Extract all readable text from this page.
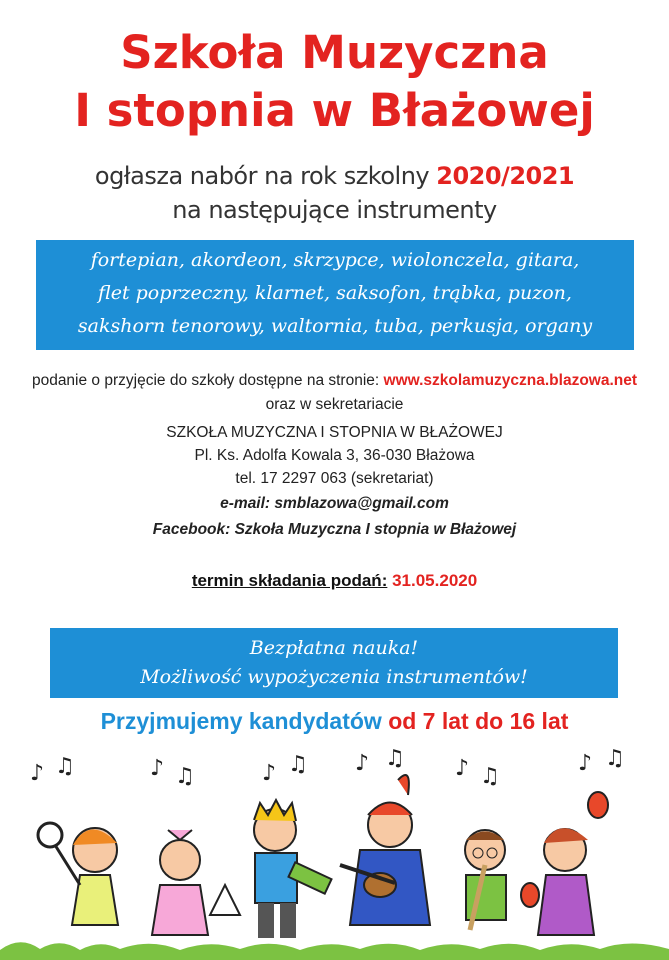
Szkoła Muzyczna
I stopnia w Błażowej
ogłasza nabór na rok szkolny 2020/2021
na następujące instrumenty
fortepian, akordeon, skrzypce, wiolonczela, gitara,
flet poprzeczny, klarnet, saksofon, trąbka, puzon,
sakshorn tenorowy, waltornia, tuba, perkusja, organy
podanie o przyjęcie do szkoły dostępne na stronie: www.szkolamuzyczna.blazowa.net
oraz w sekretariacie
SZKOŁA MUZYCZNA I STOPNIA W BŁAŻOWEJ
Pl. Ks. Adolfa Kowala 3, 36-030 Błażowa
tel. 17 2297 063 (sekretariat)
e-mail: smblazowa@gmail.com
Facebook: Szkoła Muzyczna I stopnia w Błażowej
termin składania podań: 31.05.2020
Bezpłatna nauka!
Możliwość wypożyczenia instrumentów!
Przyjmujemy kandydatów od 7 lat do 16 lat
♪ ♫	♪ ♫	♪ ♫ ♪ ♫ ♪ ♫
♪ ♫
